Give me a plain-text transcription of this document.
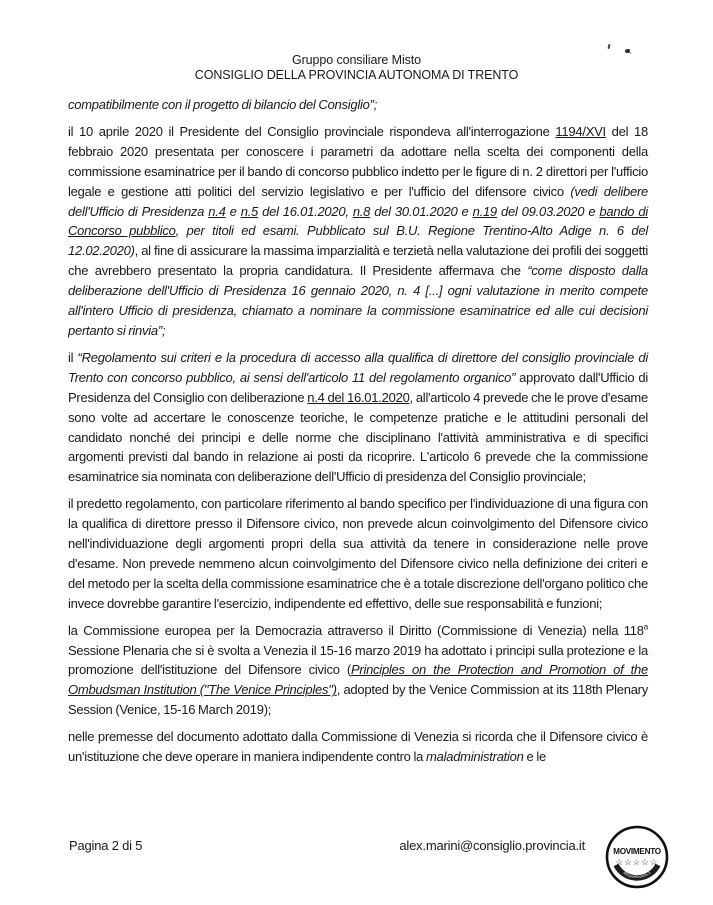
Gruppo consiliare Misto
CONSIGLIO DELLA PROVINCIA AUTONOMA DI TRENTO

compatibilmente con il progetto di bilancio del Consiglio”;

il 10 aprile 2020 il Presidente del Consiglio provinciale rispondeva all'interrogazione 1194/XVI del 18 febbraio 2020 presentata per conoscere i parametri da adottare nella scelta dei componenti della commissione esaminatrice per il bando di concorso pubblico indetto per le figure di n. 2 direttori per l'ufficio legale e gestione atti politici del servizio legislativo e per l'ufficio del difensore civico (vedi delibere dell'Ufficio di Presidenza n.4 e n.5 del 16.01.2020, n.8 del 30.01.2020 e n.19 del 09.03.2020 e bando di Concorso pubblico, per titoli ed esami. Pubblicato sul B.U. Regione Trentino-Alto Adige n. 6 del 12.02.2020), al fine di assicurare la massima imparzialità e terzietà nella valutazione dei profili dei soggetti che avrebbero presentato la propria candidatura. Il Presidente affermava che “come disposto dalla deliberazione dell'Ufficio di Presidenza 16 gennaio 2020, n. 4 [...] ogni valutazione in merito compete all'intero Ufficio di presidenza, chiamato a nominare la commissione esaminatrice ed alle cui decisioni pertanto si rinvia”;

il “Regolamento sui criteri e la procedura di accesso alla qualifica di direttore del consiglio provinciale di Trento con concorso pubblico, ai sensi dell'articolo 11 del regolamento organico” approvato dall'Ufficio di Presidenza del Consiglio con deliberazione n.4 del 16.01.2020, all'articolo 4 prevede che le prove d'esame sono volte ad accertare le conoscenze teoriche, le competenze pratiche e le attitudini personali del candidato nonché dei principi e delle norme che disciplinano l'attività amministrativa e di specifici argomenti previsti dal bando in relazione ai posti da ricoprire. L'articolo 6 prevede che la commissione esaminatrice sia nominata con deliberazione dell'Ufficio di presidenza del Consiglio provinciale;

il predetto regolamento, con particolare riferimento al bando specifico per l'individuazione di una figura con la qualifica di direttore presso il Difensore civico, non prevede alcun coinvolgimento del Difensore civico nell'individuazione degli argomenti propri della sua attività da tenere in considerazione nelle prove d'esame. Non prevede nemmeno alcun coinvolgimento del Difensore civico nella definizione dei criteri e del metodo per la scelta della commissione esaminatrice che è a totale discrezione dell'organo politico che invece dovrebbe garantire l'esercizio, indipendente ed effettivo, delle sue responsabilità e funzioni;

la Commissione europea per la Democrazia attraverso il Diritto (Commissione di Venezia) nella 118$^a$ Sessione Plenaria che si è svolta a Venezia il 15-16 marzo 2019 ha adottato i principi sulla protezione e la promozione dell'istituzione del Difensore civico (Principles on the Protection and Promotion of the Ombudsman Institution ("The Venice Principles"), adopted by the Venice Commission at its 118th Plenary Session (Venice, 15-16 March 2019);

nelle premesse del documento adottato dalla Commissione di Venezia si ricorda che il Difensore civico è un'istituzione che deve operare in maniera indipendente contro la maladministration e le

Pagina 2 di 5	alex.marini@consiglio.provincia.it	MOVIMENTO
☆☆☆☆☆
ilblogdellestelle.it
